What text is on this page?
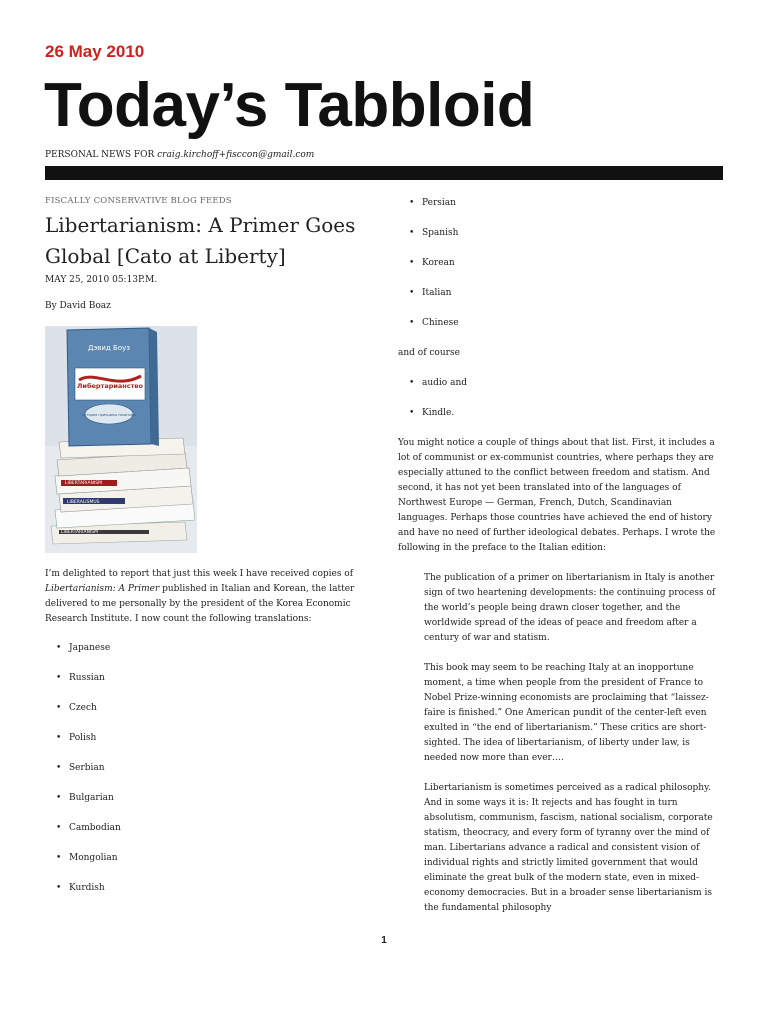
26 May 2010
Today’s Tabbloid
PERSONAL NEWS FOR craig.kirchoff+fisccon@gmail.com

FISCALLY CONSERVATIVE BLOG FEEDS

Libertarianism: A Primer Goes Global [Cato at Liberty]
MAY 25, 2010 05:13P.M.
By David Boaz
Дэвид Боуз
Либертарианство
история принципы политика
LIBERTARIANISM
LIBERALISMUS
LIBERTARIANISM

I’m delighted to report that just this week I have received copies of Libertarianism: A Primer published in Italian and Korean, the latter delivered to me personally by the president of the Korea Economic Research Institute. I now count the following translations:

• Japanese
• Russian
• Czech
• Polish
• Serbian
• Bulgarian
• Cambodian
• Mongolian
• Kurdish
• Persian
• Spanish
• Korean
• Italian
• Chinese

and of course

• audio and
• Kindle.

You might notice a couple of things about that list. First, it includes a lot of communist or ex-communist countries, where perhaps they are especially attuned to the conflict between freedom and statism. And second, it has not yet been translated into of the languages of Northwest Europe — German, French, Dutch, Scandinavian languages. Perhaps those countries have achieved the end of history and have no need of further ideological debates. Perhaps. I wrote the following in the preface to the Italian edition:

The publication of a primer on libertarianism in Italy is another sign of two heartening developments: the continuing process of the world’s people being drawn closer together, and the worldwide spread of the ideas of peace and freedom after a century of war and statism.

This book may seem to be reaching Italy at an inopportune moment, a time when people from the president of France to Nobel Prize-winning economists are proclaiming that “laissez-faire is finished.” One American pundit of the center-left even exulted in “the end of libertarianism.” These critics are short-sighted. The idea of libertarianism, of liberty under law, is needed now more than ever….

Libertarianism is sometimes perceived as a radical philosophy. And in some ways it is: It rejects and has fought in turn absolutism, communism, fascism, national socialism, corporate statism, theocracy, and every form of tyranny over the mind of man. Libertarians advance a radical and consistent vision of individual rights and strictly limited government that would eliminate the great bulk of the modern state, even in mixed-economy democracies. But in a broader sense libertarianism is the fundamental philosophy

1
